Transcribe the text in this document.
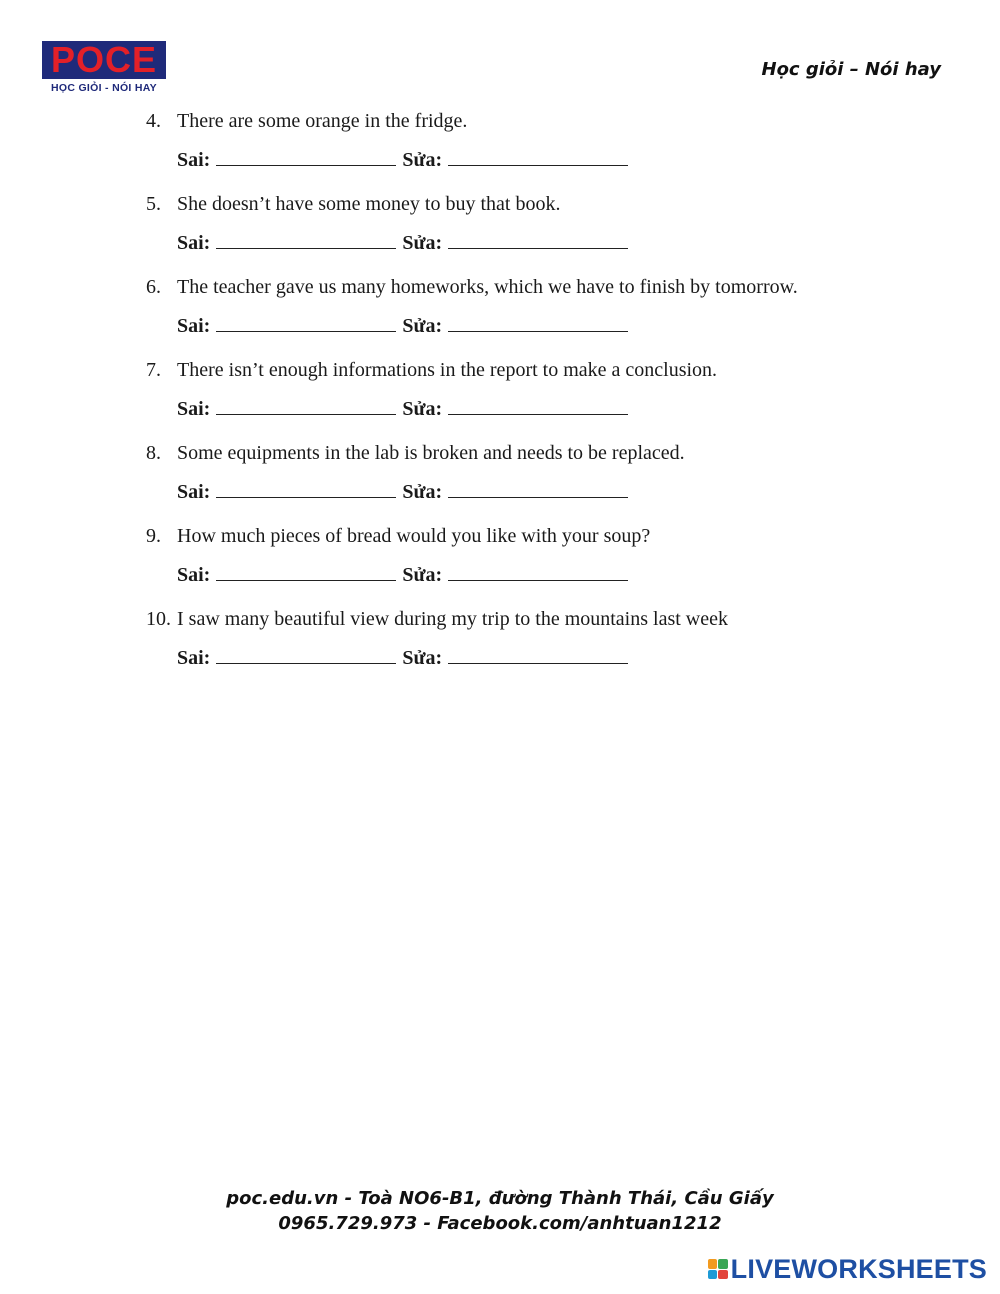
POCE
HỌC GIỎI - NÓI HAY
Học giỏi – Nói hay
4. There are some orange in the fridge.
Sai:	Sửa:
5. She doesn’t have some money to buy that book.
Sai:	Sửa:
6. The teacher gave us many homeworks, which we have to finish by tomorrow.
Sai:	Sửa:
7. There isn’t enough informations in the report to make a conclusion.
Sai:	Sửa:
8. Some equipments in the lab is broken and needs to be replaced.
Sai:	Sửa:
9. How much pieces of bread would you like with your soup?
Sai:	Sửa:
10. I saw many beautiful view during my trip to the mountains last week
Sai:	Sửa:
poc.edu.vn - Toà NO6-B1, đường Thành Thái, Cầu Giấy
0965.729.973 - Facebook.com/anhtuan1212
LIVEWORKSHEETS
